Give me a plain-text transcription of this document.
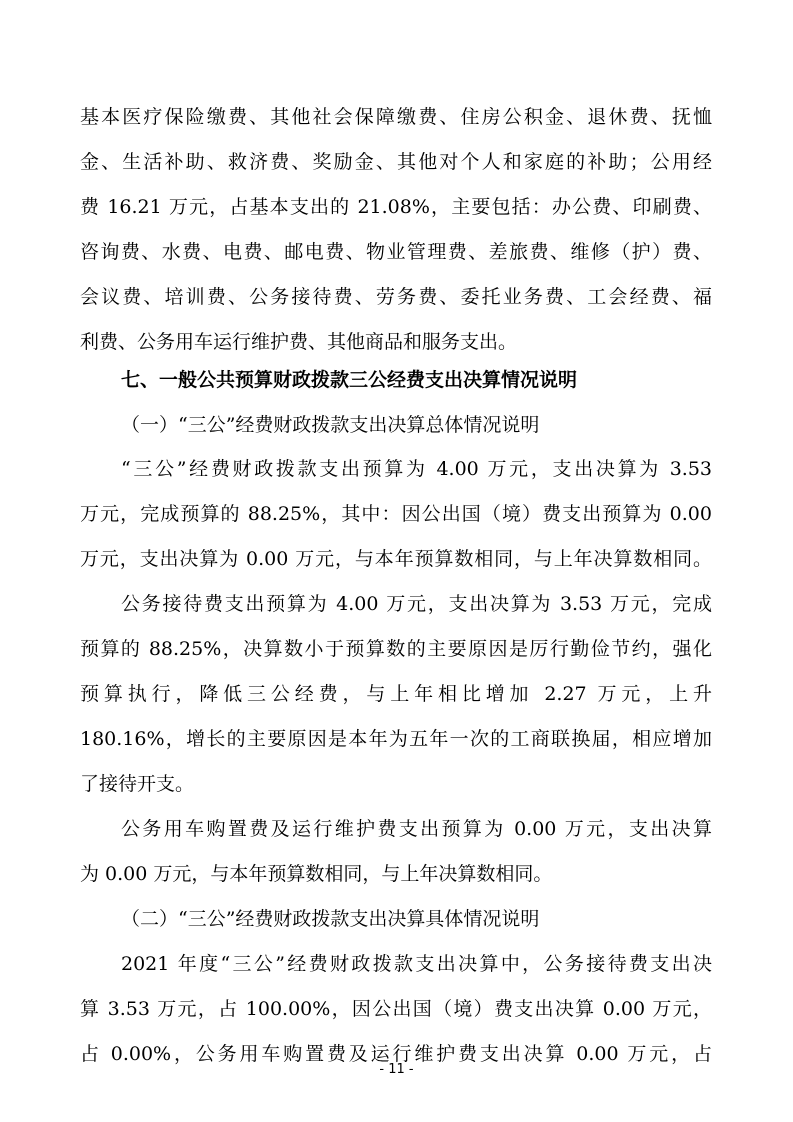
基本医疗保险缴费、其他社会保障缴费、住房公积金、退休费、抚恤
金、生活补助、救济费、奖励金、其他对个人和家庭的补助；公用经
费 16.21 万元，占基本支出的 21.08%，主要包括：办公费、印刷费、
咨询费、水费、电费、邮电费、物业管理费、差旅费、维修（护）费、
会议费、培训费、公务接待费、劳务费、委托业务费、工会经费、福
利费、公务用车运行维护费、其他商品和服务支出。
七、一般公共预算财政拨款三公经费支出决算情况说明
（一）“三公”经费财政拨款支出决算总体情况说明
“三公”经费财政拨款支出预算为 4.00 万元，支出决算为 3.53
万元，完成预算的 88.25%，其中：因公出国（境）费支出预算为 0.00
万元，支出决算为 0.00 万元，与本年预算数相同，与上年决算数相同。
公务接待费支出预算为 4.00 万元，支出决算为 3.53 万元，完成
预算的 88.25%，决算数小于预算数的主要原因是厉行勤俭节约，强化
预算执行，降低三公经费，与上年相比增加 2.27 万元，上升
180.16%，增长的主要原因是本年为五年一次的工商联换届，相应增加
了接待开支。
公务用车购置费及运行维护费支出预算为 0.00 万元，支出决算
为 0.00 万元，与本年预算数相同，与上年决算数相同。
（二）“三公”经费财政拨款支出决算具体情况说明
2021 年度“三公”经费财政拨款支出决算中，公务接待费支出决
算 3.53 万元，占 100.00%，因公出国（境）费支出决算 0.00 万元，
占 0.00%，公务用车购置费及运行维护费支出决算 0.00 万元，占
- 11 -
